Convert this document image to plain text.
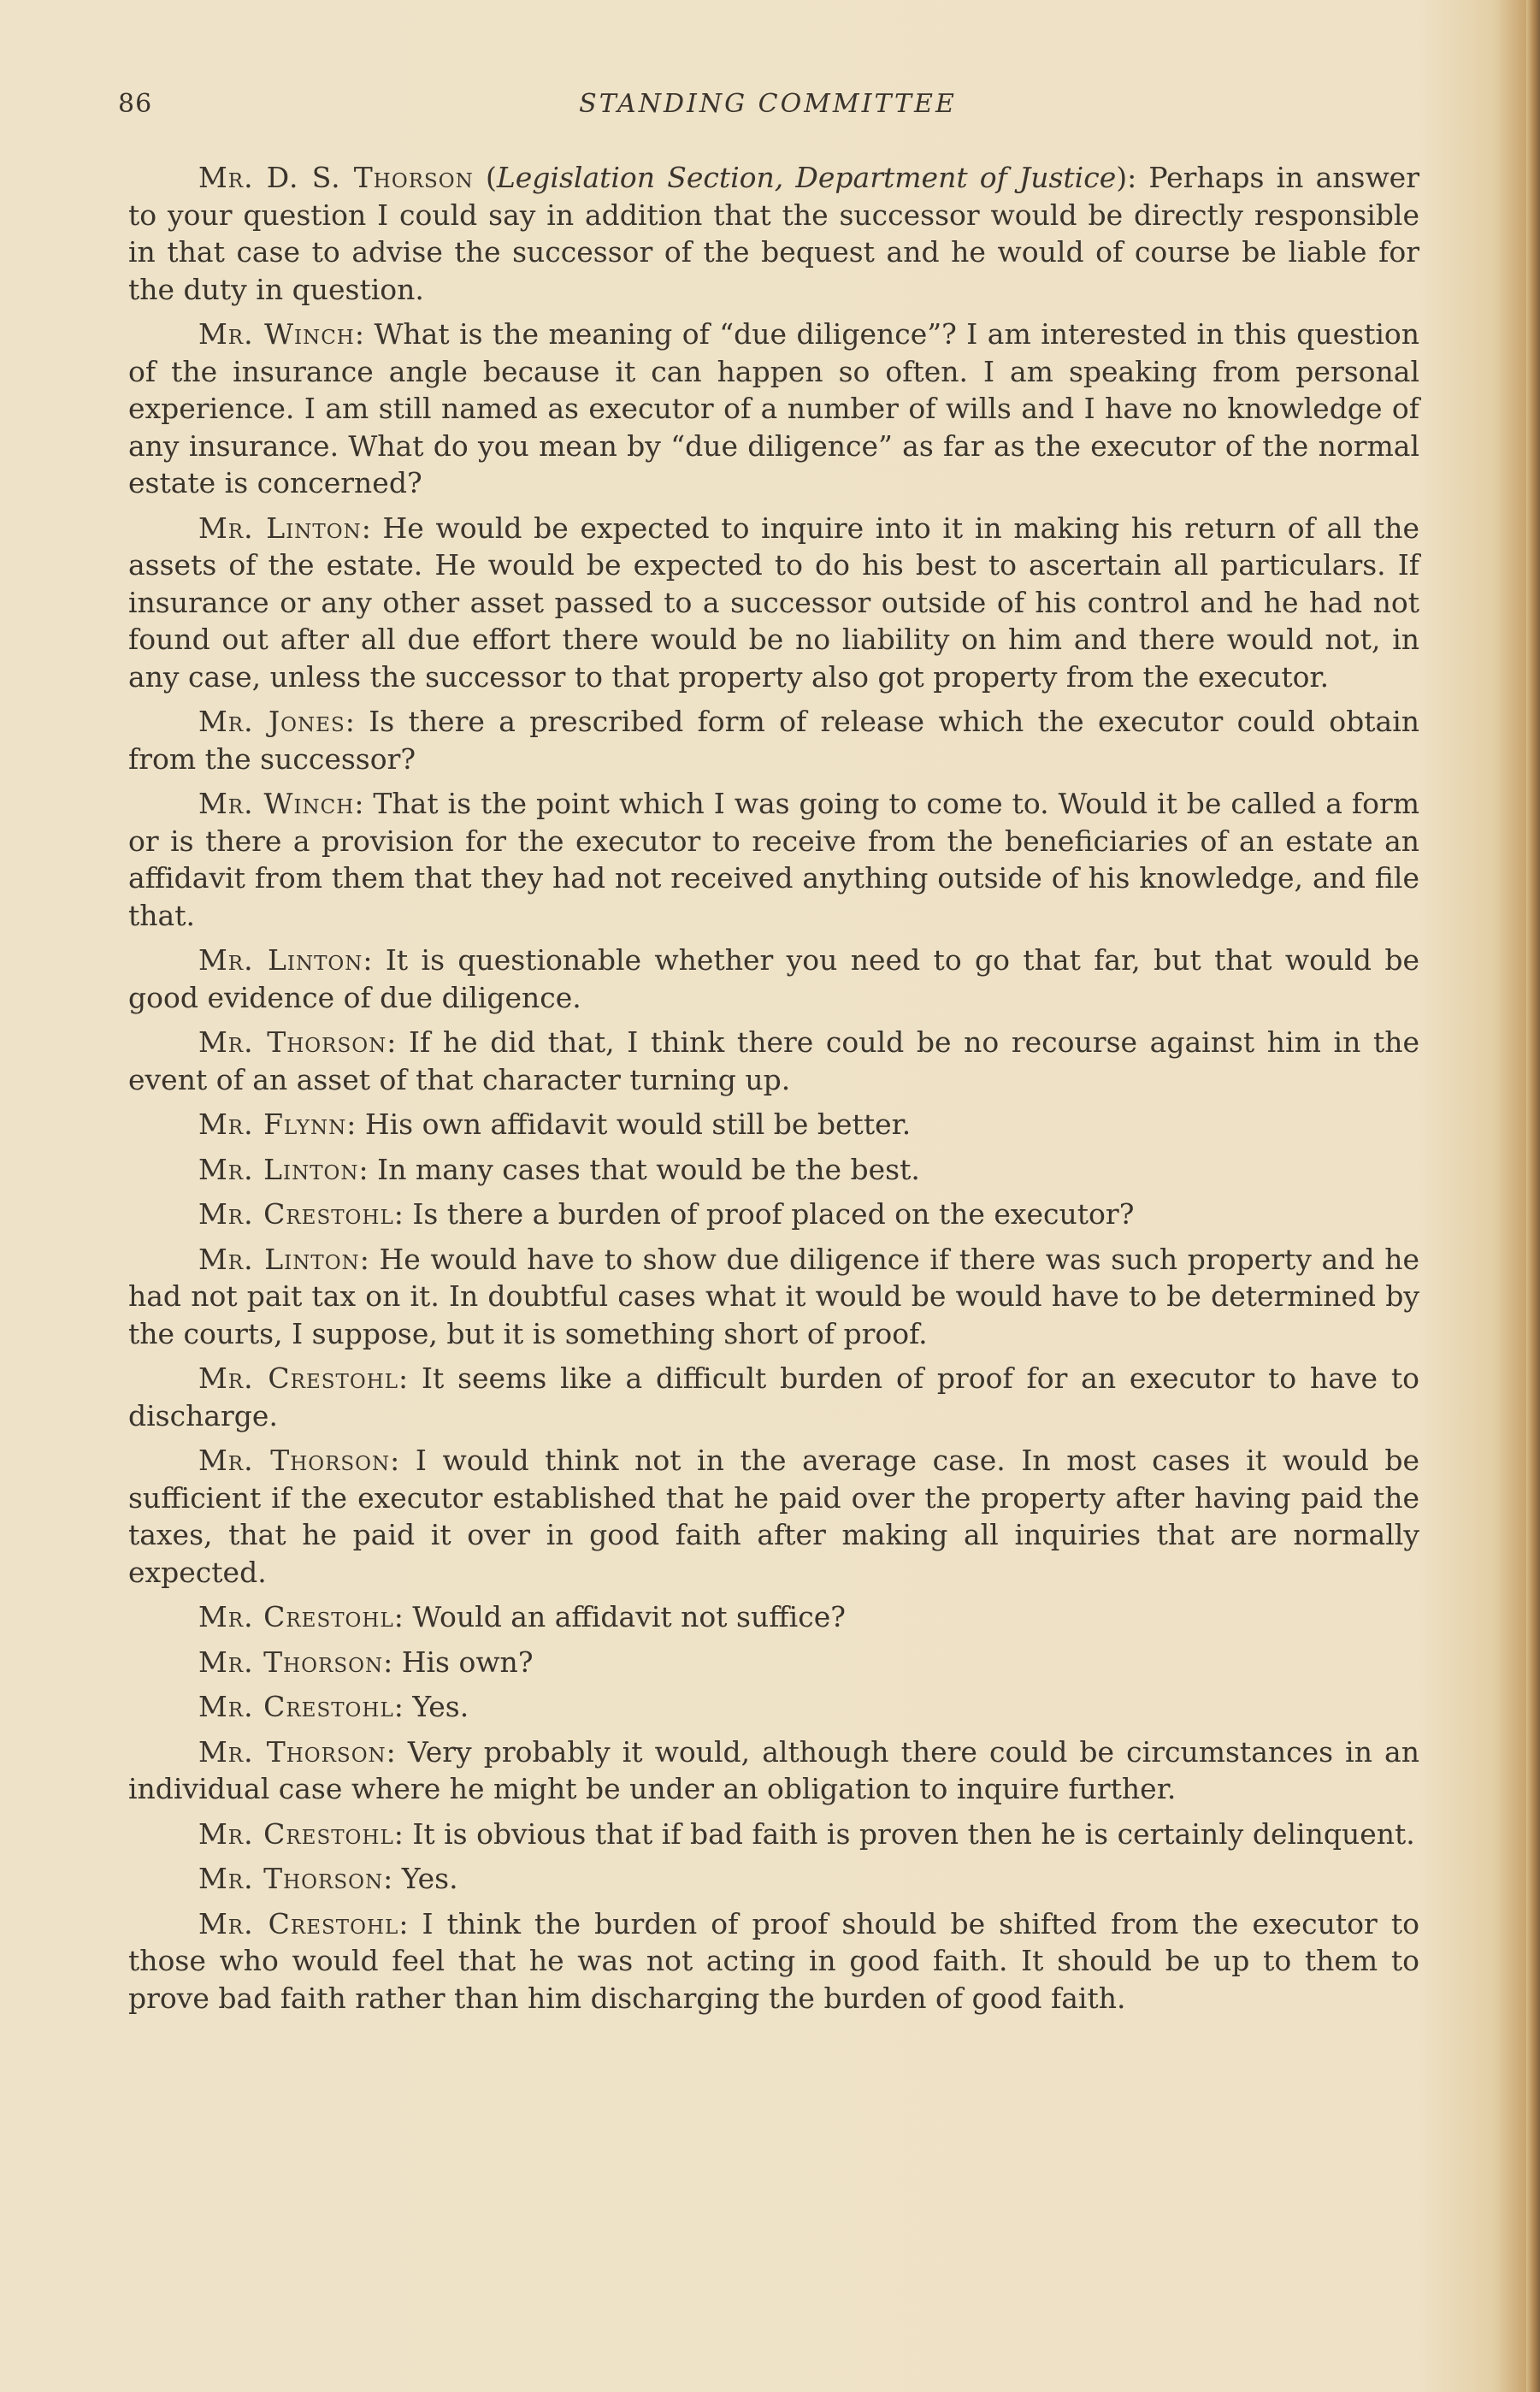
86	STANDING COMMITTEE

Mr. D. S. Thorson (Legislation Section, Department of Justice): Perhaps in answer to your question I could say in addition that the successor would be directly responsible in that case to advise the successor of the bequest and he would of course be liable for the duty in question.

Mr. Winch: What is the meaning of “due diligence”? I am interested in this question of the insurance angle because it can happen so often. I am speaking from personal experience. I am still named as executor of a number of wills and I have no knowledge of any insurance. What do you mean by “due diligence” as far as the executor of the normal estate is concerned?

Mr. Linton: He would be expected to inquire into it in making his return of all the assets of the estate. He would be expected to do his best to ascertain all particulars. If insurance or any other asset passed to a successor outside of his control and he had not found out after all due effort there would be no liability on him and there would not, in any case, unless the successor to that property also got property from the executor.

Mr. Jones: Is there a prescribed form of release which the executor could obtain from the successor?

Mr. Winch: That is the point which I was going to come to. Would it be called a form or is there a provision for the executor to receive from the beneficiaries of an estate an affidavit from them that they had not received anything outside of his knowledge, and file that.

Mr. Linton: It is questionable whether you need to go that far, but that would be good evidence of due diligence.

Mr. Thorson: If he did that, I think there could be no recourse against him in the event of an asset of that character turning up.

Mr. Flynn: His own affidavit would still be better.

Mr. Linton: In many cases that would be the best.

Mr. Crestohl: Is there a burden of proof placed on the executor?

Mr. Linton: He would have to show due diligence if there was such property and he had not pait tax on it. In doubtful cases what it would be would have to be determined by the courts, I suppose, but it is something short of proof.

Mr. Crestohl: It seems like a difficult burden of proof for an executor to have to discharge.

Mr. Thorson: I would think not in the average case. In most cases it would be sufficient if the executor established that he paid over the property after having paid the taxes, that he paid it over in good faith after making all inquiries that are normally expected.

Mr. Crestohl: Would an affidavit not suffice?

Mr. Thorson: His own?

Mr. Crestohl: Yes.

Mr. Thorson: Very probably it would, although there could be circumstances in an individual case where he might be under an obligation to inquire further.

Mr. Crestohl: It is obvious that if bad faith is proven then he is certainly delinquent.

Mr. Thorson: Yes.

Mr. Crestohl: I think the burden of proof should be shifted from the executor to those who would feel that he was not acting in good faith. It should be up to them to prove bad faith rather than him discharging the burden of good faith.
